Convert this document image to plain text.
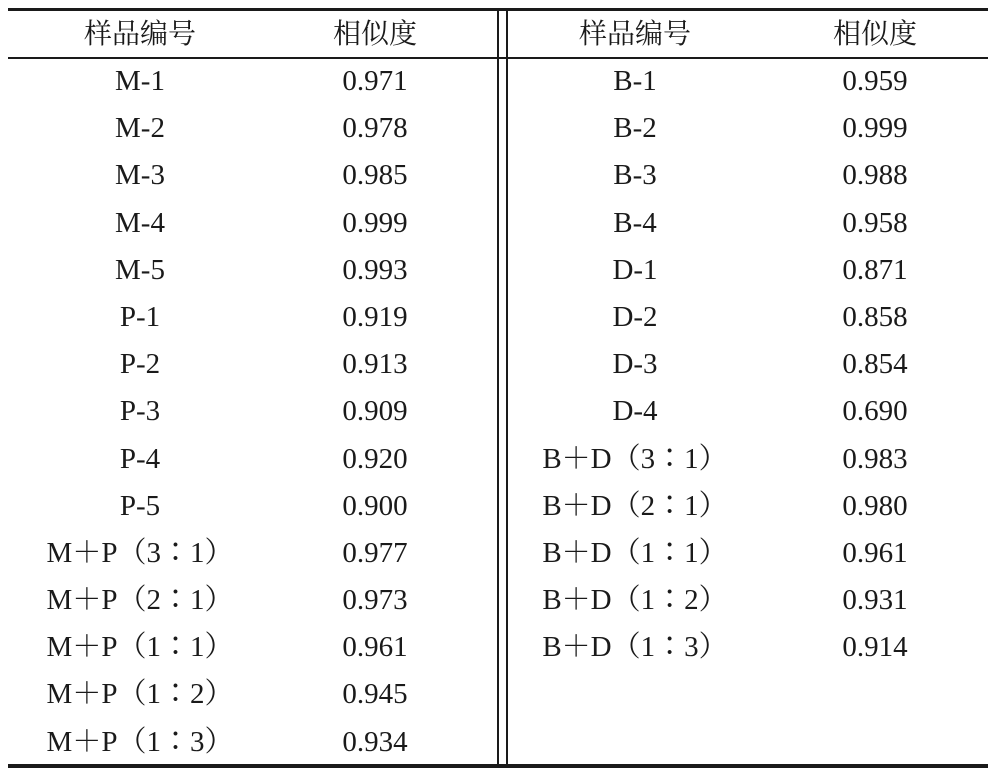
样品编号	相似度	样品编号	相似度
M-1	0.971	B-1	0.959
M-2	0.978	B-2	0.999
M-3	0.985	B-3	0.988
M-4	0.999	B-4	0.958
M-5	0.993	D-1	0.871
P-1	0.919	D-2	0.858
P-2	0.913	D-3	0.854
P-3	0.909	D-4	0.690
P-4	0.920	B＋D（3∶1）	0.983
P-5	0.900	B＋D（2∶1）	0.980
M＋P（3∶1）	0.977	B＋D（1∶1）	0.961
M＋P（2∶1）	0.973	B＋D（1∶2）	0.931
M＋P（1∶1）	0.961	B＋D（1∶3）	0.914
M＋P（1∶2）	0.945
M＋P（1∶3）	0.934
